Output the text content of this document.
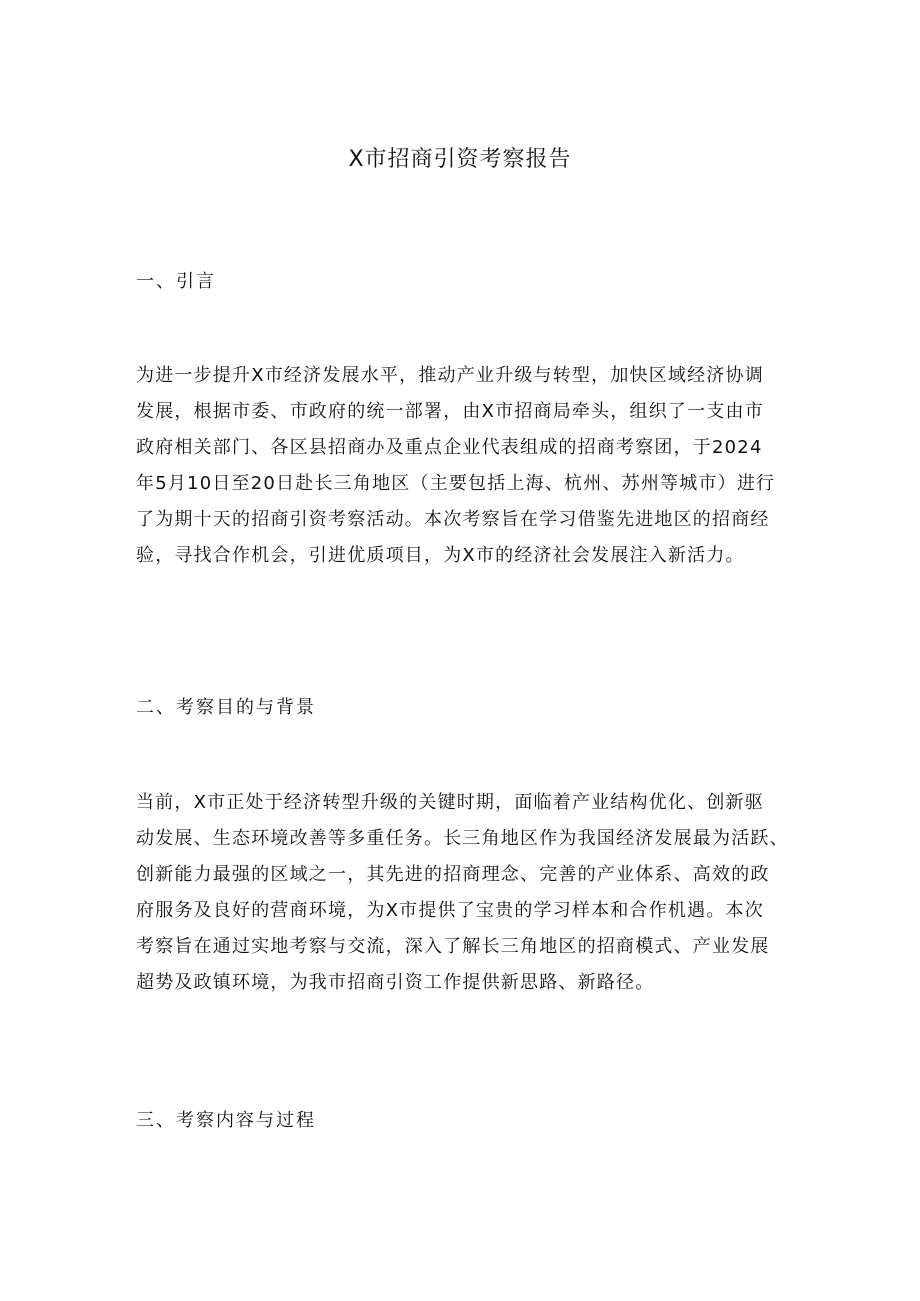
X市招商引资考察报告
一、引言
为进一步提升X市经济发展水平，推动产业升级与转型，加快区域经济协调
发展，根据市委、市政府的统一部署，由X市招商局牵头，组织了一支由市
政府相关部门、各区县招商办及重点企业代表组成的招商考察团，于2024
年5月10日至20日赴长三角地区（主要包括上海、杭州、苏州等城市）进行
了为期十天的招商引资考察活动。本次考察旨在学习借鉴先进地区的招商经
验，寻找合作机会，引进优质项目，为X市的经济社会发展注入新活力。
二、考察目的与背景
当前，X市正处于经济转型升级的关键时期，面临着产业结构优化、创新驱
动发展、生态环境改善等多重任务。长三角地区作为我国经济发展最为活跃、
创新能力最强的区域之一，其先进的招商理念、完善的产业体系、高效的政
府服务及良好的营商环境，为X市提供了宝贵的学习样本和合作机遇。本次
考察旨在通过实地考察与交流，深入了解长三角地区的招商模式、产业发展
超势及政镇环境，为我市招商引资工作提供新思路、新路径。
三、考察内容与过程
